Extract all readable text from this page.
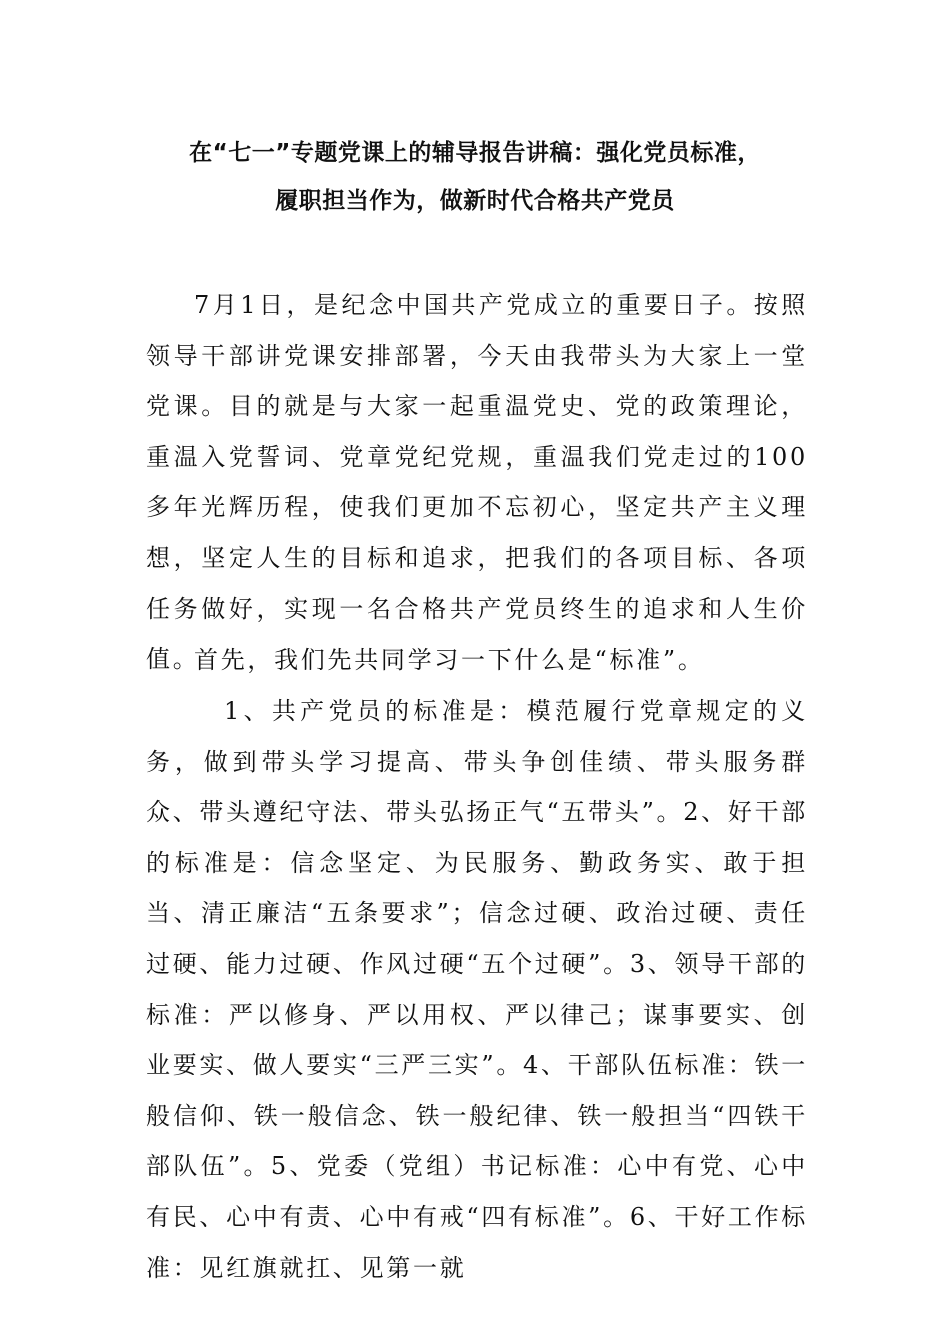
在“七一”专题党课上的辅导报告讲稿：强化党员标准，
履职担当作为，做新时代合格共产党员

7月1日，是纪念中国共产党成立的重要日子。按照领导干部讲党课安排部署，今天由我带头为大家上一堂党课。目的就是与大家一起重温党史、党的政策理论，重温入党誓词、党章党纪党规，重温我们党走过的100多年光辉历程，使我们更加不忘初心，坚定共产主义理想，坚定人生的目标和追求，把我们的各项目标、各项任务做好，实现一名合格共产党员终生的追求和人生价值。

首先，我们先共同学习一下什么是“标准”。

1、共产党员的标准是：模范履行党章规定的义务，做到带头学习提高、带头争创佳绩、带头服务群众、带头遵纪守法、带头弘扬正气“五带头”。2、好干部的标准是：信念坚定、为民服务、勤政务实、敢于担当、清正廉洁“五条要求”；信念过硬、政治过硬、责任过硬、能力过硬、作风过硬“五个过硬”。3、领导干部的标准：严以修身、严以用权、严以律己；谋事要实、创业要实、做人要实“三严三实”。4、干部队伍标准：铁一般信仰、铁一般信念、铁一般纪律、铁一般担当“四铁干部队伍”。5、党委（党组）书记标准：心中有党、心中有民、心中有责、心中有戒“四有标准”。6、干好工作标准：见红旗就扛、见第一就
